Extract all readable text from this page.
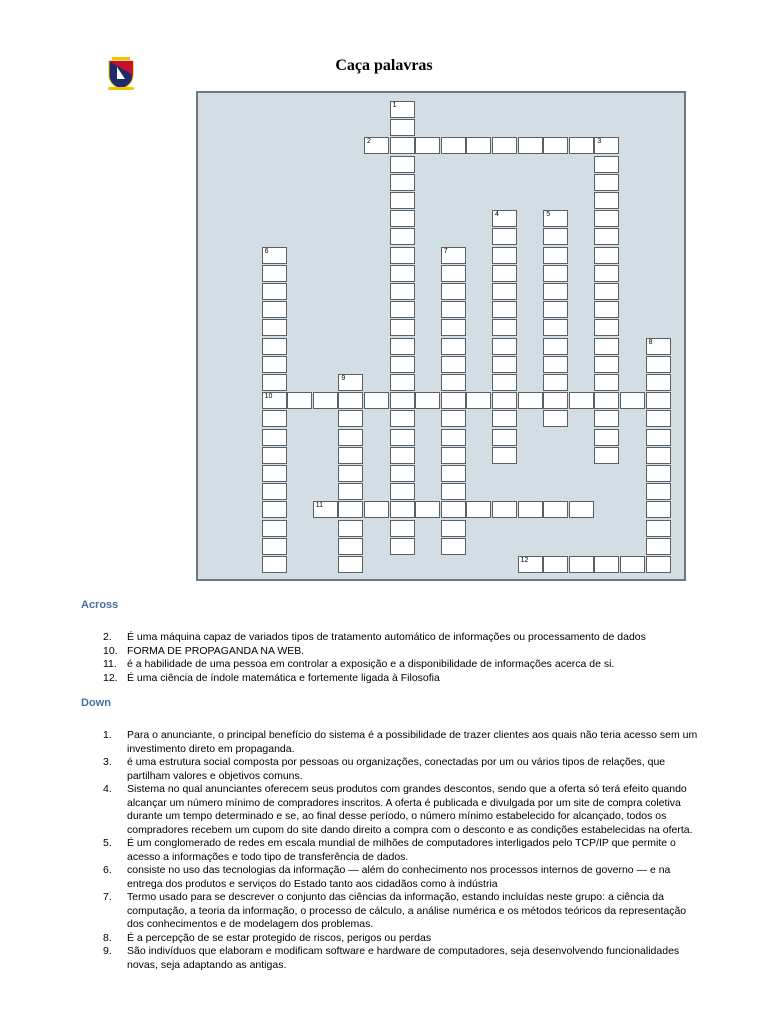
Caça palavras
1
2	3
4	5
6
10
7
8
9
11
12
Across
2. É uma máquina capaz de variados tipos de tratamento automático de informações ou processamento de dados
10. FORMA DE PROPAGANDA NA WEB.
11. é a habilidade de uma pessoa em controlar a exposição e a disponibilidade de informações acerca de si.
12. É uma ciência de índole matemática e fortemente ligada à Filosofia
Down
1. Para o anunciante, o principal benefício do sistema é a possibilidade de trazer clientes aos quais não teria acesso sem um investimento direto em propaganda.
3. é uma estrutura social composta por pessoas ou organizações, conectadas por um ou vários tipos de relações, que partilham valores e objetivos comuns.
4. Sistema no qual anunciantes oferecem seus produtos com grandes descontos, sendo que a oferta só terá efeito quando alcançar um número mínimo de compradores inscritos. A oferta é publicada e divulgada por um site de compra coletiva durante um tempo determinado e se, ao final desse período, o número mínimo estabelecido for alcançado, todos os compradores recebem um cupom do site dando direito a compra com o desconto e as condições estabelecidas na oferta.
5. É um conglomerado de redes em escala mundial de milhões de computadores interligados pelo TCP/IP que permite o acesso a informações e todo tipo de transferência de dados.
6. consiste no uso das tecnologias da informação — além do conhecimento nos processos internos de governo — e na entrega dos produtos e serviços do Estado tanto aos cidadãos como à indústria
7. Termo usado para se descrever o conjunto das ciências da informação, estando incluídas neste grupo: a ciência da computação, a teoria da informação, o processo de cálculo, a análise numérica e os métodos teóricos da representação dos conhecimentos e de modelagem dos problemas.
8. É a percepção de se estar protegido de riscos, perigos ou perdas
9. São indivíduos que elaboram e modificam software e hardware de computadores, seja desenvolvendo funcionalidades novas, seja adaptando as antigas.
